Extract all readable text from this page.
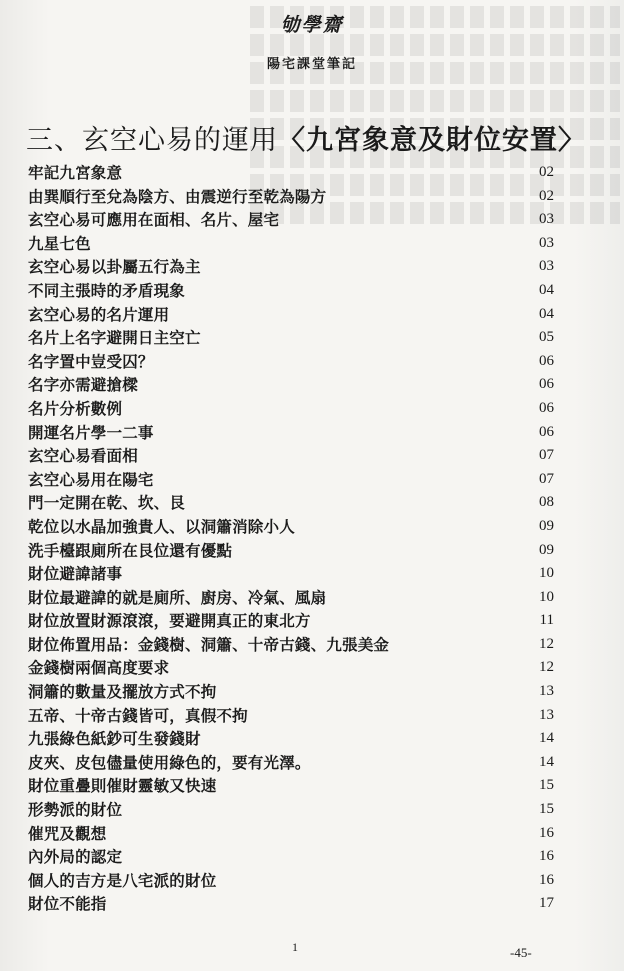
劬學齋
陽宅課堂筆記
三、玄空心易的運用〈九宮象意及財位安置〉
牢記九宮象意	02
由巽順行至兌為陰方、由震逆行至乾為陽方	02
玄空心易可應用在面相、名片、屋宅	03
九星七色	03
玄空心易以卦屬五行為主	03
不同主張時的矛盾現象	04
玄空心易的名片運用	04
名片上名字避開日主空亡	05
名字置中豈受囚？	06
名字亦需避搶樑	06
名片分析數例	06
開運名片學一二事	06
玄空心易看面相	07
玄空心易用在陽宅	07
門一定開在乾、坎、艮	08
乾位以水晶加強貴人、以洞簫消除小人	09
洗手檯跟廁所在艮位還有優點	09
財位避諱諸事	10
財位最避諱的就是廁所、廚房、冷氣、風扇	10
財位放置財源滾滾，要避開真正的東北方	11
財位佈置用品：金錢樹、洞簫、十帝古錢、九張美金	12
金錢樹兩個高度要求	12
洞簫的數量及擺放方式不拘	13
五帝、十帝古錢皆可，真假不拘	13
九張綠色紙鈔可生發錢財	14
皮夾、皮包儘量使用綠色的，要有光澤。	14
財位重疊則催財靈敏又快速	15
形勢派的財位	15
催咒及觀想	16
內外局的認定	16
個人的吉方是八宅派的財位	16
財位不能指	17
1	-45-
